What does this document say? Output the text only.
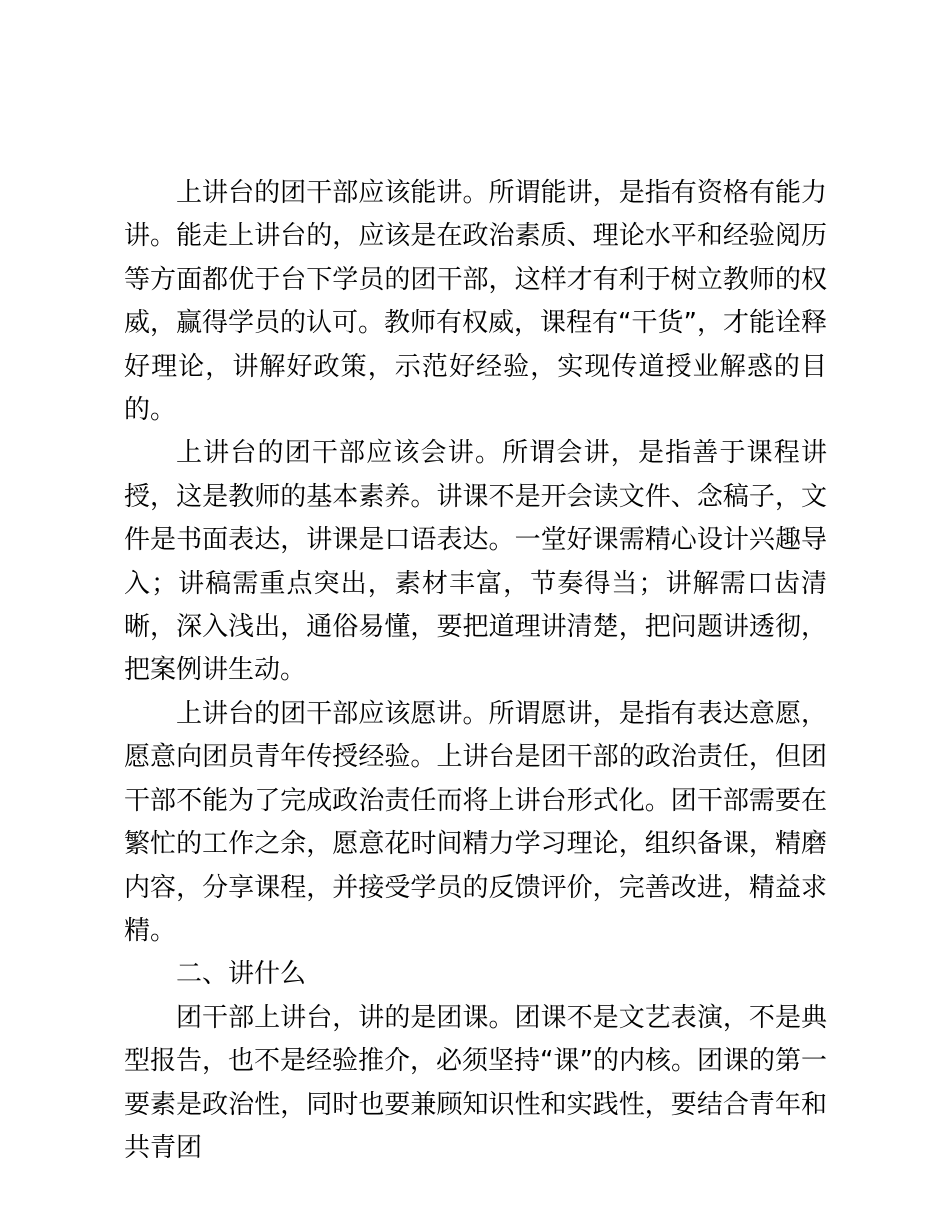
上讲台的团干部应该能讲。所谓能讲，是指有资格有能力讲。能走上讲台的，应该是在政治素质、理论水平和经验阅历等方面都优于台下学员的团干部，这样才有利于树立教师的权威，赢得学员的认可。教师有权威，课程有“干货”，才能诠释好理论，讲解好政策，示范好经验，实现传道授业解惑的目的。

上讲台的团干部应该会讲。所谓会讲，是指善于课程讲授，这是教师的基本素养。讲课不是开会读文件、念稿子，文件是书面表达，讲课是口语表达。一堂好课需精心设计兴趣导入；讲稿需重点突出，素材丰富，节奏得当；讲解需口齿清晰，深入浅出，通俗易懂，要把道理讲清楚，把问题讲透彻，把案例讲生动。

上讲台的团干部应该愿讲。所谓愿讲，是指有表达意愿，愿意向团员青年传授经验。上讲台是团干部的政治责任，但团干部不能为了完成政治责任而将上讲台形式化。团干部需要在繁忙的工作之余，愿意花时间精力学习理论，组织备课，精磨内容，分享课程，并接受学员的反馈评价，完善改进，精益求精。

二、讲什么

团干部上讲台，讲的是团课。团课不是文艺表演，不是典型报告，也不是经验推介，必须坚持“课”的内核。团课的第一要素是政治性，同时也要兼顾知识性和实践性，要结合青年和共青团
